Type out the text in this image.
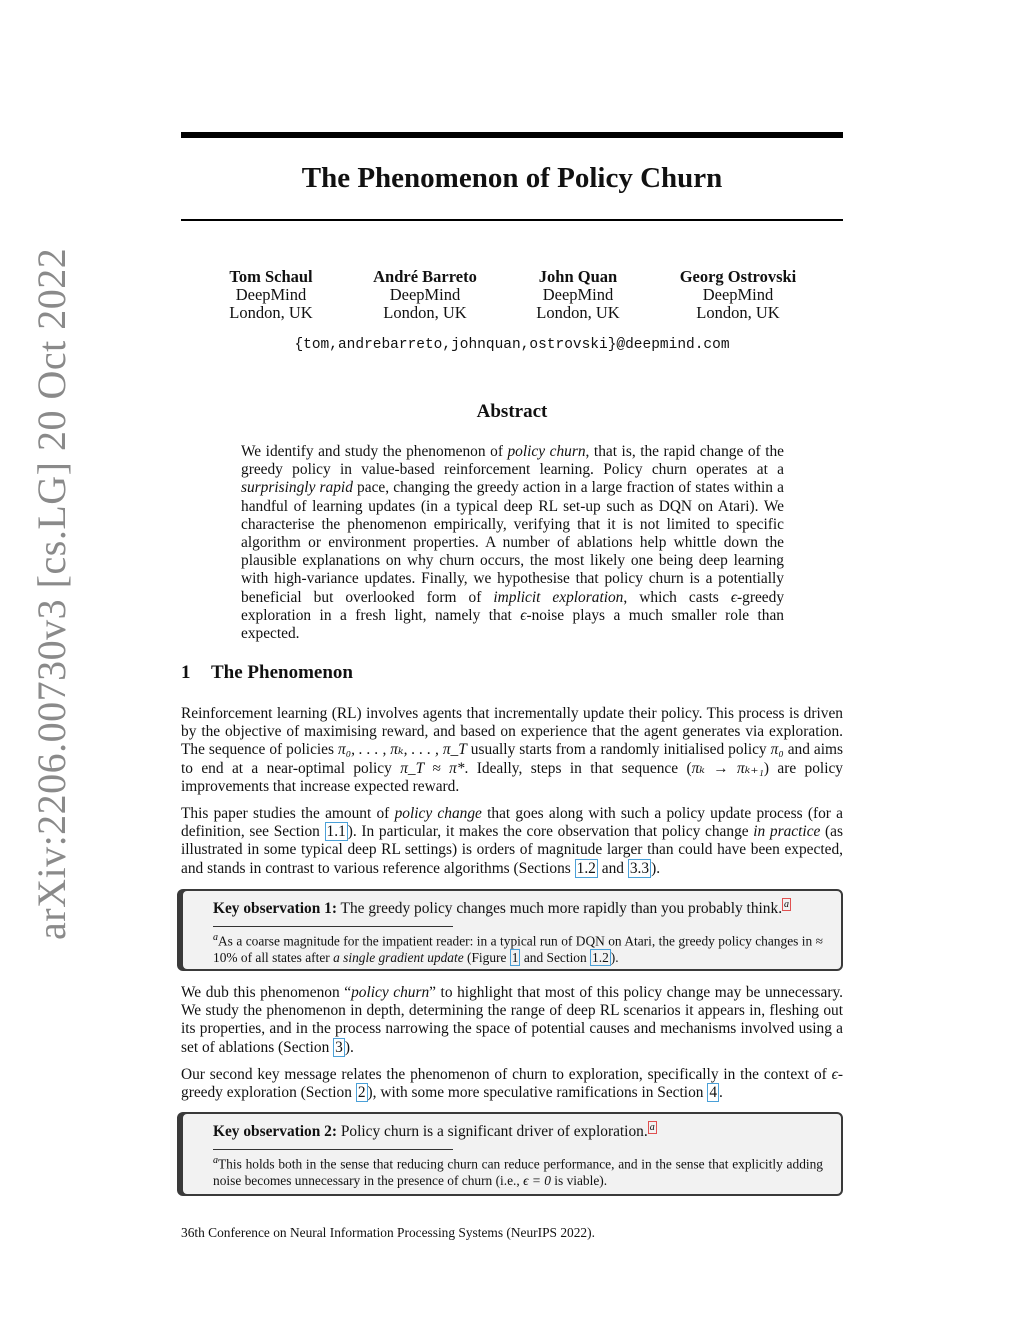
arXiv:2206.00730v3 [cs.LG] 20 Oct 2022
The Phenomenon of Policy Churn
Tom Schaul
DeepMind
London, UK
André Barreto
DeepMind
London, UK
John Quan
DeepMind
London, UK
Georg Ostrovski
DeepMind
London, UK
{tom,andrebarreto,johnquan,ostrovski}@deepmind.com
Abstract
We identify and study the phenomenon of policy churn, that is, the rapid change of the greedy policy in value-based reinforcement learning. Policy churn operates at a surprisingly rapid pace, changing the greedy action in a large fraction of states within a handful of learning updates (in a typical deep RL set-up such as DQN on Atari). We characterise the phenomenon empirically, verifying that it is not limited to specific algorithm or environment properties. A number of ablations help whittle down the plausible explanations on why churn occurs, the most likely one being deep learning with high-variance updates. Finally, we hypothesise that policy churn is a potentially beneficial but overlooked form of implicit exploration, which casts ϵ-greedy exploration in a fresh light, namely that ϵ-noise plays a much smaller role than expected.
1 The Phenomenon

Reinforcement learning (RL) involves agents that incrementally update their policy. This process is driven by the objective of maximising reward, and based on experience that the agent generates via exploration. The sequence of policies π₀, . . . , πₖ, . . . , π_T usually starts from a randomly initialised policy π₀ and aims to end at a near-optimal policy π_T ≈ π*. Ideally, steps in that sequence (πₖ → πₖ₊₁) are policy improvements that increase expected reward.

This paper studies the amount of policy change that goes along with such a policy update process (for a definition, see Section 1.1 ). In particular, it makes the core observation that policy change in practice (as illustrated in some typical deep RL settings) is orders of magnitude larger than could have been expected, and stands in contrast to various reference algorithms (Sections 1.2 and 3.3 ).

Key observation 1: The greedy policy changes much more rapidly than you probably think. $^a$
$^a$As a coarse magnitude for the impatient reader: in a typical run of DQN on Atari, the greedy policy changes in ≈ 10% of all states after a single gradient update (Figure 1 and Section 1.2 ).

We dub this phenomenon “policy churn” to highlight that most of this policy change may be unnecessary. We study the phenomenon in depth, determining the range of deep RL scenarios it appears in, fleshing out its properties, and in the process narrowing the space of potential causes and mechanisms involved using a set of ablations (Section 3 ).

Our second key message relates the phenomenon of churn to exploration, specifically in the context of ϵ-greedy exploration (Section 2 ), with some more speculative ramifications in Section 4 .

Key observation 2: Policy churn is a significant driver of exploration. $^a$
$^a$This holds both in the sense that reducing churn can reduce performance, and in the sense that explicitly adding noise becomes unnecessary in the presence of churn (i.e., ϵ = 0 is viable).
36th Conference on Neural Information Processing Systems (NeurIPS 2022).
